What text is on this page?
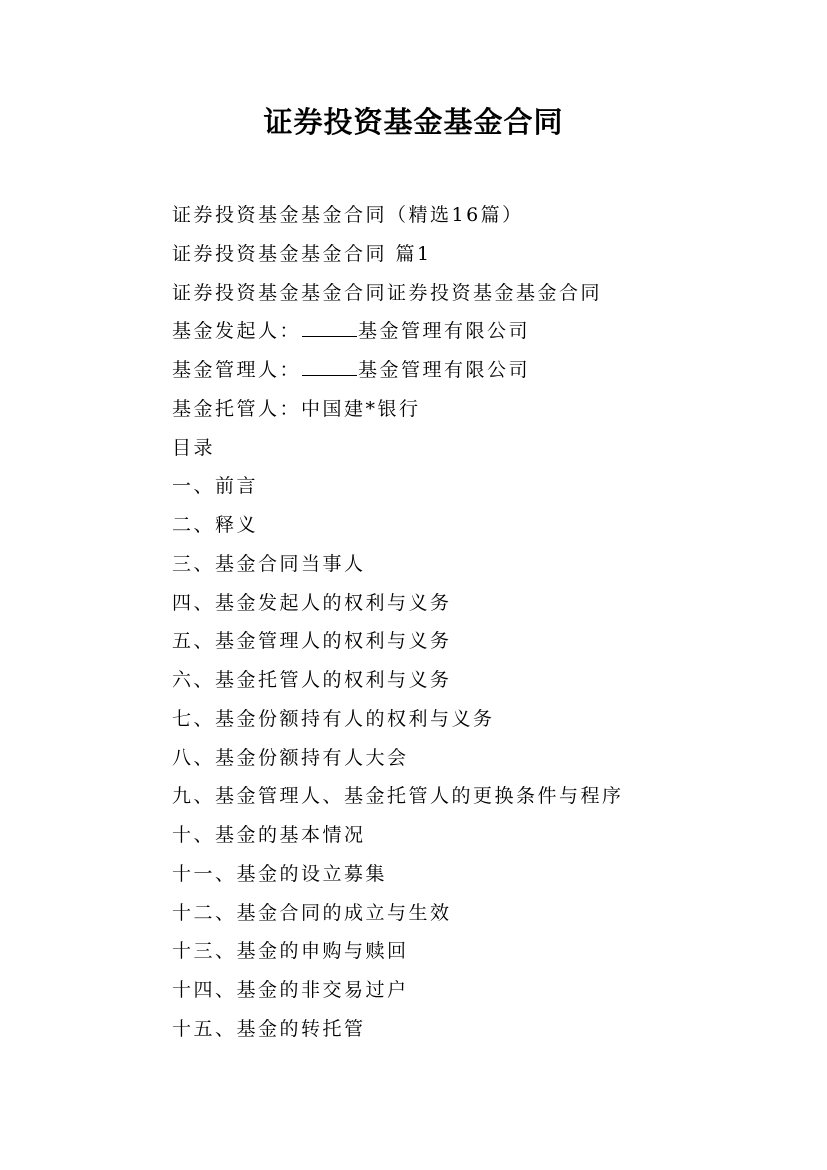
证券投资基金基金合同
证券投资基金基金合同（精选16篇）
证券投资基金基金合同 篇1
证券投资基金基金合同证券投资基金基金合同
基金发起人：	基金管理有限公司
基金管理人：	基金管理有限公司
基金托管人：中国建*银行
目录
一、前言
二、释义
三、基金合同当事人
四、基金发起人的权利与义务
五、基金管理人的权利与义务
六、基金托管人的权利与义务
七、基金份额持有人的权利与义务
八、基金份额持有人大会
九、基金管理人、基金托管人的更换条件与程序
十、基金的基本情况
十一、基金的设立募集
十二、基金合同的成立与生效
十三、基金的申购与赎回
十四、基金的非交易过户
十五、基金的转托管
